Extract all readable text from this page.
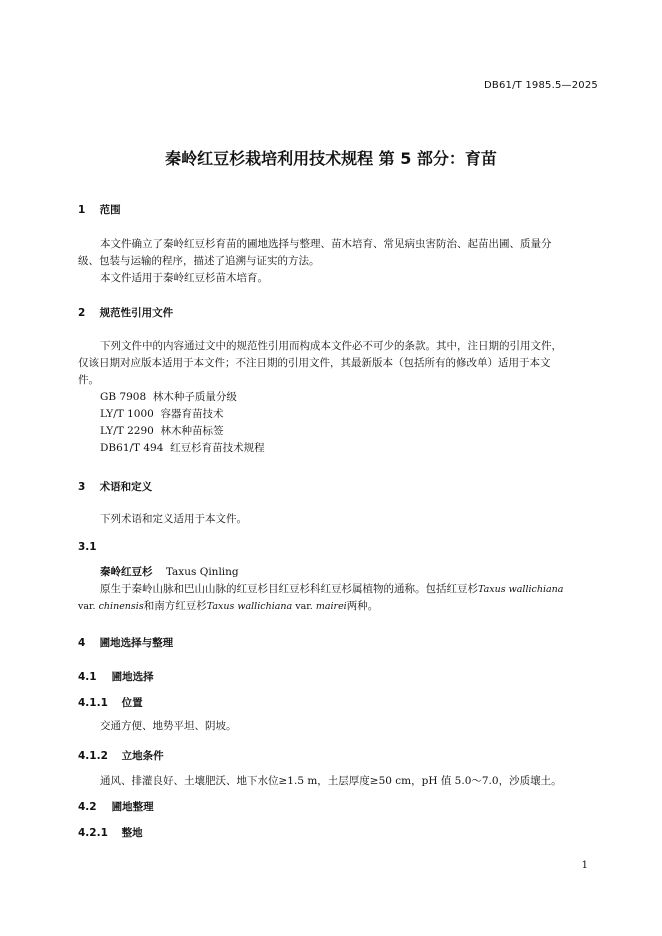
DB61/T 1985.5—2025
秦岭红豆杉栽培利用技术规程 第 5 部分：育苗
1 范围
本文件确立了秦岭红豆杉育苗的圃地选择与整理、苗木培育、常见病虫害防治、起苗出圃、质量分
级、包装与运输的程序，描述了追溯与证实的方法。
本文件适用于秦岭红豆杉苗木培育。
2 规范性引用文件
下列文件中的内容通过文中的规范性引用而构成本文件必不可少的条款。其中，注日期的引用文件，
仅该日期对应版本适用于本文件；不注日期的引用文件，其最新版本（包括所有的修改单）适用于本文
件。
GB 7908 林木种子质量分级
LY/T 1000 容器育苗技术
LY/T 2290 林木种苗标签
DB61/T 494 红豆杉育苗技术规程
3 术语和定义
下列术语和定义适用于本文件。
3.1
秦岭红豆杉 Taxus Qinling
原生于秦岭山脉和巴山山脉的红豆杉目红豆杉科红豆杉属植物的通称。包括红豆杉Taxus wallichiana
var. chinensis和南方红豆杉Taxus wallichiana var. mairei两种。
4 圃地选择与整理
4.1 圃地选择
4.1.1 位置
交通方便、地势平坦、阴坡。
4.1.2 立地条件
通风、排灌良好、土壤肥沃、地下水位≥1.5 m，土层厚度≥50 cm，pH 值 5.0～7.0，沙质壤土。
4.2 圃地整理
4.2.1 整地
1
